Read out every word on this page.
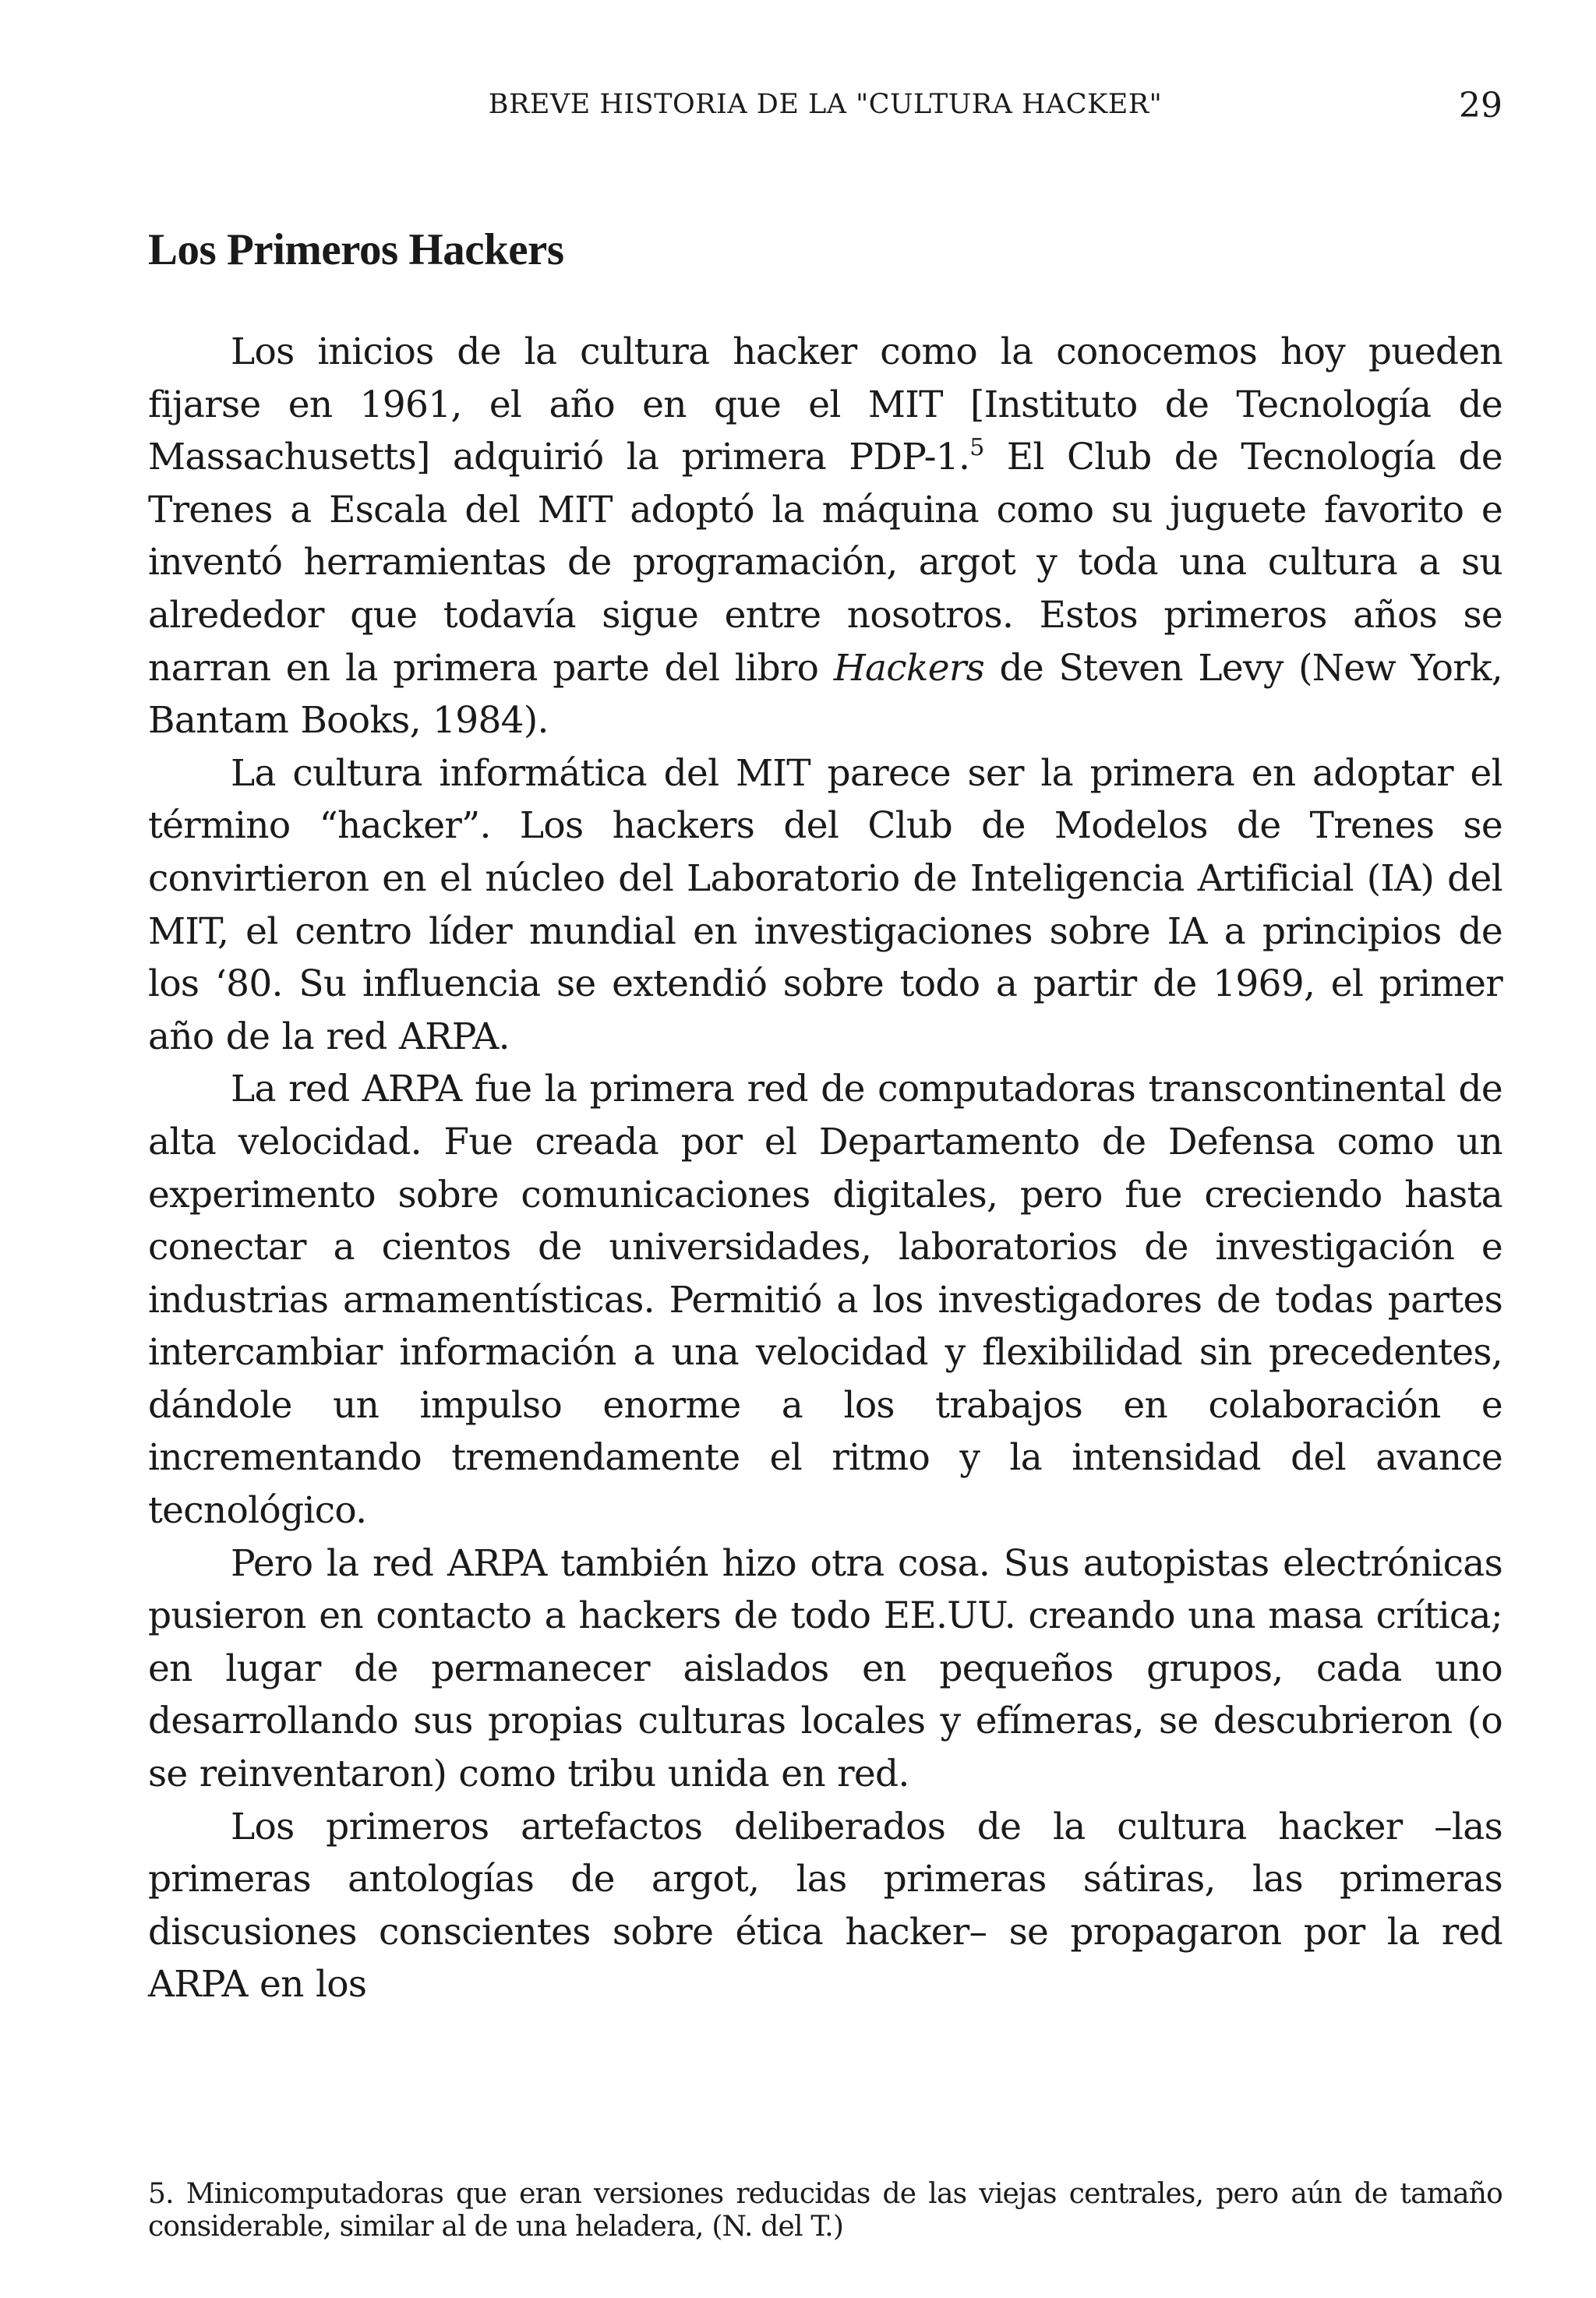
BREVE HISTORIA DE LA "CULTURA HACKER"	29
Los Primeros Hackers

Los inicios de la cultura hacker como la conocemos hoy pueden fijarse en 1961, el año en que el MIT [Instituto de Tecnología de Massachusetts] adquirió la primera PDP-1.$^5$ El Club de Tecnología de Trenes a Escala del MIT adoptó la máquina como su juguete favorito e inventó herramientas de programación, argot y toda una cultura a su alrededor que todavía sigue entre nosotros. Estos primeros años se narran en la primera parte del libro Hackers de Steven Levy (New York, Bantam Books, 1984).

La cultura informática del MIT parece ser la primera en adoptar el término “hacker”. Los hackers del Club de Modelos de Trenes se convirtieron en el núcleo del Laboratorio de Inteligencia Artificial (IA) del MIT, el centro líder mundial en investigaciones sobre IA a principios de los ‘80. Su influencia se extendió sobre todo a partir de 1969, el primer año de la red ARPA.

La red ARPA fue la primera red de computadoras transcontinental de alta velocidad. Fue creada por el Departamento de Defensa como un experimento sobre comunicaciones digitales, pero fue creciendo hasta conectar a cientos de universidades, laboratorios de investigación e industrias armamentísticas. Permitió a los investigadores de todas partes intercambiar información a una velocidad y flexibilidad sin precedentes, dándole un impulso enorme a los trabajos en colaboración e incrementando tremendamente el ritmo y la intensidad del avance tecnológico.

Pero la red ARPA también hizo otra cosa. Sus autopistas electrónicas pusieron en contacto a hackers de todo EE.UU. creando una masa crítica; en lugar de permanecer aislados en pequeños grupos, cada uno desarrollando sus propias culturas locales y efímeras, se descubrieron (o se reinventaron) como tribu unida en red.

Los primeros artefactos deliberados de la cultura hacker –las primeras antologías de argot, las primeras sátiras, las primeras discusiones conscientes sobre ética hacker– se propagaron por la red ARPA en los

5. Minicomputadoras que eran versiones reducidas de las viejas centrales, pero aún de tamaño considerable, similar al de una heladera, (N. del T.)
